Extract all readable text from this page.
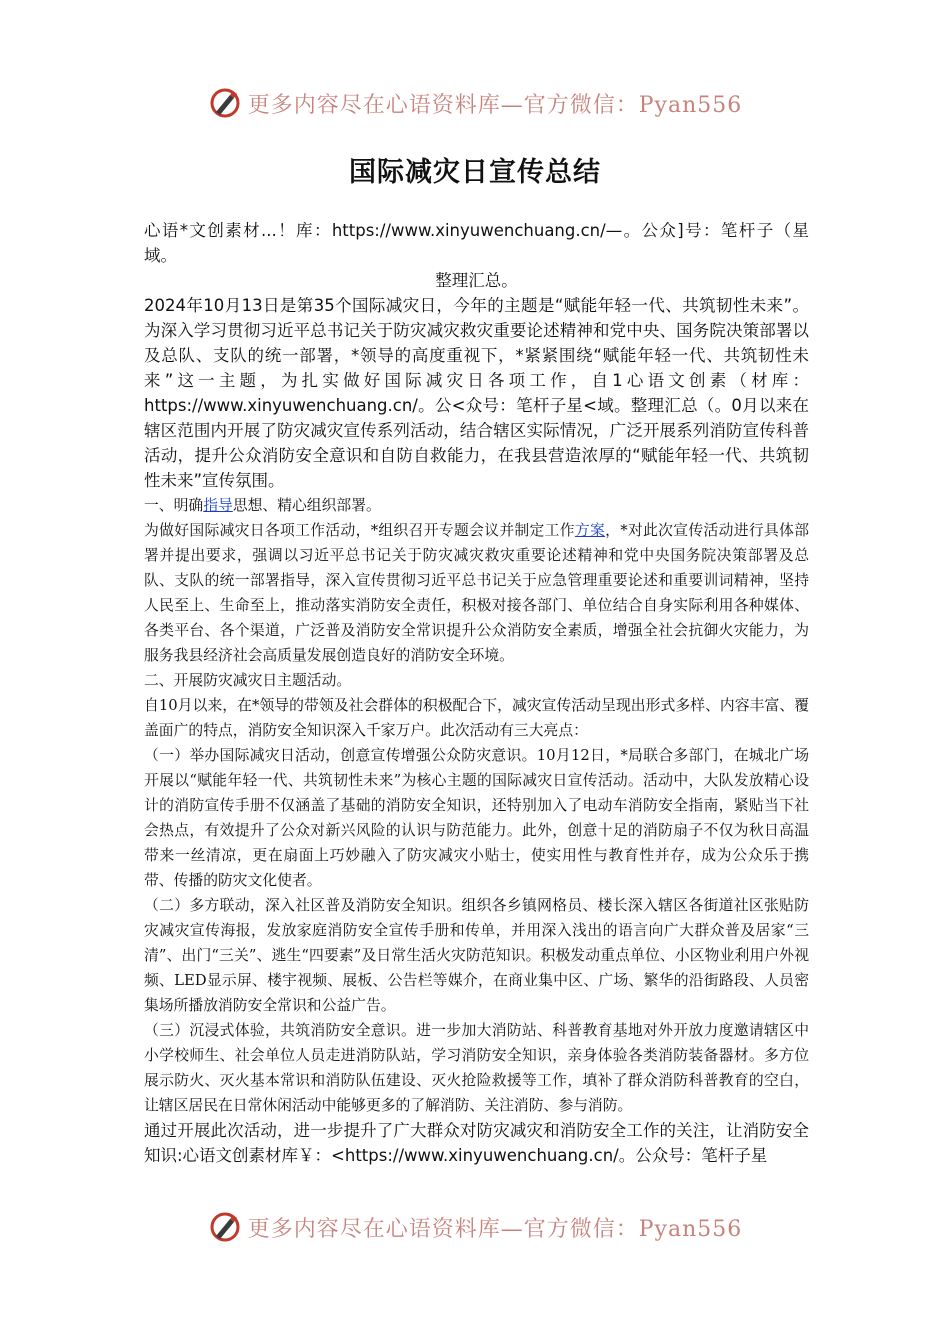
更多内容尽在心语资料库—官方微信：Pyan556
国际减灾日宣传总结

心语*文创素材...！库：https://www.xinyuwenchuang.cn/—。公众]号：笔杆子（星域。

整理汇总。

2024年10月13日是第35个国际减灾日，今年的主题是“赋能年轻一代、共筑韧性未来”。为深入学习贯彻习近平总书记关于防灾减灾救灾重要论述精神和党中央、国务院决策部署以及总队、支队的统一部署，*领导的高度重视下，*紧紧围绕“赋能年轻一代、共筑韧性未来”这一主题，为扎实做好国际减灾日各项工作，自1心语文创素（材库：https://www.xinyuwenchuang.cn/。公<众号：笔杆子星<域。整理汇总（。0月以来在辖区范围内开展了防灾减灾宣传系列活动，结合辖区实际情况，广泛开展系列消防宣传科普活动，提升公众消防安全意识和自防自救能力，在我县营造浓厚的“赋能年轻一代、共筑韧性未来”宣传氛围。

一、明确指导思想、精心组织部署。

为做好国际减灾日各项工作活动，*组织召开专题会议并制定工作方案，*对此次宣传活动进行具体部署并提出要求，强调以习近平总书记关于防灾减灾救灾重要论述精神和党中央国务院决策部署及总队、支队的统一部署指导，深入宣传贯彻习近平总书记关于应急管理重要论述和重要训词精神，坚持人民至上、生命至上，推动落实消防安全责任，积极对接各部门、单位结合自身实际利用各种媒体、各类平台、各个渠道，广泛普及消防安全常识提升公众消防安全素质，增强全社会抗御火灾能力，为服务我县经济社会高质量发展创造良好的消防安全环境。

二、开展防灾减灾日主题活动。

自10月以来，在*领导的带领及社会群体的积极配合下，减灾宣传活动呈现出形式多样、内容丰富、覆盖面广的特点，消防安全知识深入千家万户。此次活动有三大亮点：

（一）举办国际减灾日活动，创意宣传增强公众防灾意识。10月12日，*局联合多部门，在城北广场开展以“赋能年轻一代、共筑韧性未来”为核心主题的国际减灾日宣传活动。活动中，大队发放精心设计的消防宣传手册不仅涵盖了基础的消防安全知识，还特别加入了电动车消防安全指南，紧贴当下社会热点，有效提升了公众对新兴风险的认识与防范能力。此外，创意十足的消防扇子不仅为秋日高温带来一丝清凉，更在扇面上巧妙融入了防灾减灾小贴士，使实用性与教育性并存，成为公众乐于携带、传播的防灾文化使者。

（二）多方联动，深入社区普及消防安全知识。组织各乡镇网格员、楼长深入辖区各街道社区张贴防灾减灾宣传海报，发放家庭消防安全宣传手册和传单，并用深入浅出的语言向广大群众普及居家“三清”、出门“三关”、逃生“四要素”及日常生活火灾防范知识。积极发动重点单位、小区物业利用户外视频、LED显示屏、楼宇视频、展板、公告栏等媒介，在商业集中区、广场、繁华的沿街路段、人员密集场所播放消防安全常识和公益广告。

（三）沉浸式体验，共筑消防安全意识。进一步加大消防站、科普教育基地对外开放力度邀请辖区中小学校师生、社会单位人员走进消防队站，学习消防安全知识，亲身体验各类消防装备器材。多方位展示防火、灭火基本常识和消防队伍建设、灭火抢险救援等工作，填补了群众消防科普教育的空白，让辖区居民在日常休闲活动中能够更多的了解消防、关注消防、参与消防。

通过开展此次活动，进一步提升了广大群众对防灾减灾和消防安全工作的关注，让消防安全知识:心语文创素材库￥：<https://www.xinyuwenchuang.cn/。公众号：笔杆子星

更多内容尽在心语资料库—官方微信：Pyan556
